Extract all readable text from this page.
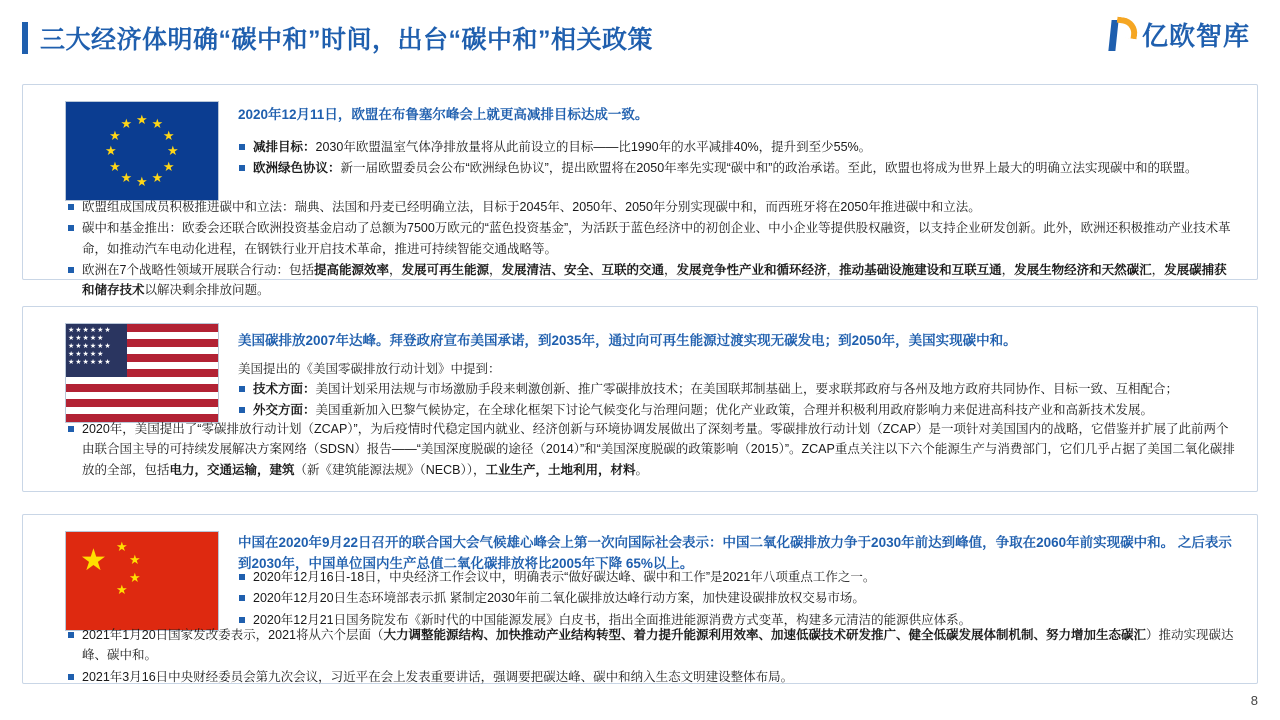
三大经济体明确“碳中和”时间，出台“碳中和”相关政策	亿欧智库
★ ★
★
★
★
★
★
★
★
★
★
★
2020年12月11日，欧盟在布鲁塞尔峰会上就更高减排目标达成一致。
减排目标：2030年欧盟温室气体净排放量将从此前设立的目标——比1990年的水平减排40%，提升到至少55%。
欧洲绿色协议：新一届欧盟委员会公布“欧洲绿色协议”，提出欧盟将在2050年率先实现“碳中和”的政治承诺。至此，欧盟也将成为世界上最大的明确立法实现碳中和的联盟。
欧盟组成国成员积极推进碳中和立法：瑞典、法国和丹麦已经明确立法，目标于2045年、2050年、2050年分别实现碳中和，而西班牙将在2050年推进碳中和立法。
碳中和基金推出：欧委会还联合欧洲投资基金启动了总额为7500万欧元的“蓝色投资基金”，为活跃于蓝色经济中的初创企业、中小企业等提供股权融资，以支持企业研发创新。此外，欧洲还积极推动产业技术革命，如推动汽车电动化进程，在钢铁行业开启技术革命，推进可持续智能交通战略等。
欧洲在7个战略性领域开展联合行动：包括提高能源效率，发展可再生能源，发展清洁、安全、互联的交通，发展竞争性产业和循环经济，推动基础设施建设和互联互通，发展生物经济和天然碳汇，发展碳捕获和储存技术以解决剩余排放问题。
★★★★★★
★★★★★
★★★★★★
★★★★★
★★★★★★
美国碳排放2007年达峰。拜登政府宣布美国承诺，到2035年，通过向可再生能源过渡实现无碳发电；到2050年，美国实现碳中和。
美国提出的《美国零碳排放行动计划》中提到：
技术方面：美国计划采用法规与市场激励手段来刺激创新、推广零碳排放技术；在美国联邦制基础上，要求联邦政府与各州及地方政府共同协作、目标一致、互相配合；
外交方面：美国重新加入巴黎气候协定，在全球化框架下讨论气候变化与治理问题；优化产业政策，合理并积极利用政府影响力来促进高科技产业和高新技术发展。
2020年，美国提出了“零碳排放行动计划（ZCAP）”，为后疫情时代稳定国内就业、经济创新与环境协调发展做出了深刻考量。零碳排放行动计划（ZCAP）是一项针对美国国内的战略，它借鉴并扩展了此前两个由联合国主导的可持续发展解决方案网络（SDSN）报告——“美国深度脱碳的途径（2014）”和“美国深度脱碳的政策影响（2015）”。ZCAP重点关注以下六个能源生产与消费部门，它们几乎占据了美国二氧化碳排放的全部，包括电力，交通运输，建筑（新《建筑能源法规》（NECB）），工业生产，土地利用，材料。
★ ★
★
★
★
中国在2020年9月22日召开的联合国大会气候雄心峰会上第一次向国际社会表示：中国二氧化碳排放力争于2030年前达到峰值，争取在2060年前实现碳中和。 之后表示到2030年，中国单位国内生产总值二氧化碳排放将比2005年下降 65%以上。
2020年12月16日-18日，中央经济工作会议中，明确表示“做好碳达峰、碳中和工作”是2021年八项重点工作之一。
2020年12月20日生态环境部表示抓 紧制定2030年前二氧化碳排放达峰行动方案，加快建设碳排放权交易市场。
2020年12月21日国务院发布《新时代的中国能源发展》白皮书，指出全面推进能源消费方式变革，构建多元清洁的能源供应体系。
2021年1月20日国家发改委表示，2021将从六个层面（大力调整能源结构、加快推动产业结构转型、着力提升能源利用效率、加速低碳技术研发推广、健全低碳发展体制机制、努力增加生态碳汇）推动实现碳达峰、碳中和。
2021年3月16日中央财经委员会第九次会议，习近平在会上发表重要讲话，强调要把碳达峰、碳中和纳入生态文明建设整体布局。
8
